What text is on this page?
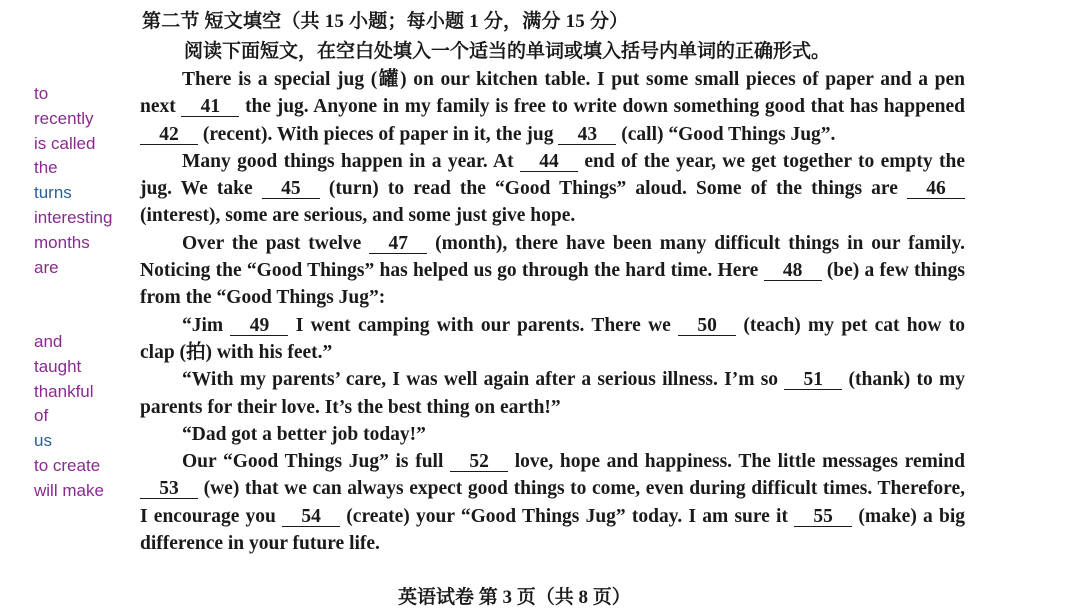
to
recently
is called
the
turns
interesting
months
are
and
taught
thankful
of
us
to create
will make
第二节 短文填空（共 15 小题；每小题 1 分，满分 15 分）
阅读下面短文，在空白处填入一个适当的单词或填入括号内单词的正确形式。

There is a special jug (罐) on our kitchen table. I put some small pieces of paper and a pen next 41 the jug. Anyone in my family is free to write down something good that has happened 42 (recent). With pieces of paper in it, the jug 43 (call) “Good Things Jug”.

Many good things happen in a year. At 44 end of the year, we get together to empty the jug. We take 45 (turn) to read the “Good Things” aloud. Some of the things are 46 (interest), some are serious, and some just give hope.

Over the past twelve 47 (month), there have been many difficult things in our family. Noticing the “Good Things” has helped us go through the hard time. Here 48 (be) a few things from the “Good Things Jug”:

“Jim 49 I went camping with our parents. There we 50 (teach) my pet cat how to clap (拍) with his feet.”

“With my parents’ care, I was well again after a serious illness. I’m so 51 (thank) to my parents for their love. It’s the best thing on earth!”

“Dad got a better job today!”

Our “Good Things Jug” is full 52 love, hope and happiness. The little messages remind 53 (we) that we can always expect good things to come, even during difficult times. Therefore, I encourage you 54 (create) your “Good Things Jug” today. I am sure it 55 (make) a big difference in your future life.

英语试卷 第 3 页（共 8 页）
